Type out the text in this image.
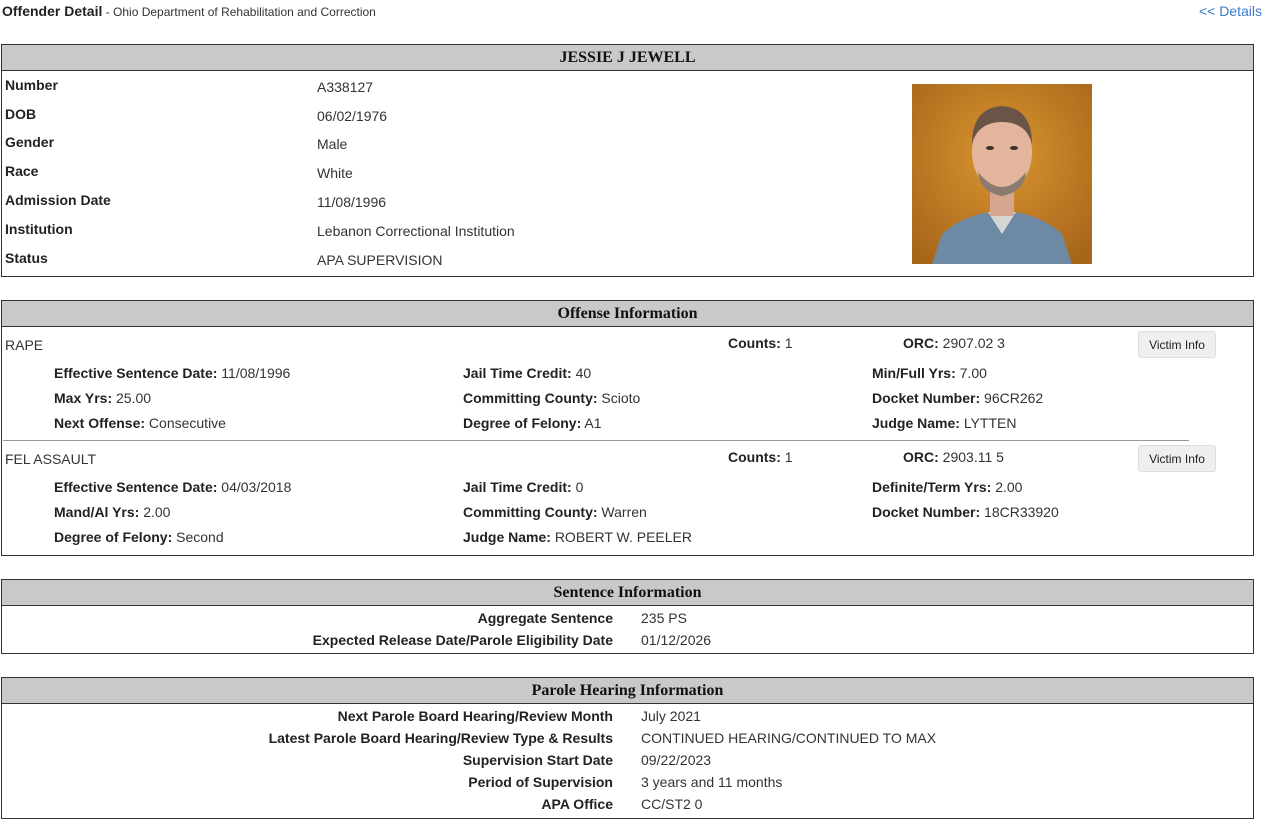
Offender Detail - Ohio Department of Rehabilitation and Correction	<< Details
JESSIE J JEWELL
Number	A338127
DOB	06/02/1976
Gender	Male
Race	White
Admission Date	11/08/1996
Institution	Lebanon Correctional Institution
Status	APA SUPERVISION
Offense Information
RAPE	Counts: 1	ORC: 2907.02 3	Victim Info
Effective Sentence Date: 11/08/1996	Jail Time Credit: 40	Min/Full Yrs: 7.00
Max Yrs: 25.00	Committing County: Scioto	Docket Number: 96CR262
Next Offense: Consecutive	Degree of Felony: A1	Judge Name: LYTTEN
FEL ASSAULT	Counts: 1	ORC: 2903.11 5	Victim Info
Effective Sentence Date: 04/03/2018	Jail Time Credit: 0	Definite/Term Yrs: 2.00
Mand/Al Yrs: 2.00	Committing County: Warren	Docket Number: 18CR33920
Degree of Felony: Second	Judge Name: ROBERT W. PEELER
Sentence Information
Aggregate Sentence 235 PS
Expected Release Date/Parole Eligibility Date 01/12/2026
Parole Hearing Information
Next Parole Board Hearing/Review Month July 2021
Latest Parole Board Hearing/Review Type & Results CONTINUED HEARING/CONTINUED TO MAX
Supervision Start Date 09/22/2023
Period of Supervision 3 years and 11 months
APA Office CC/ST2 0
